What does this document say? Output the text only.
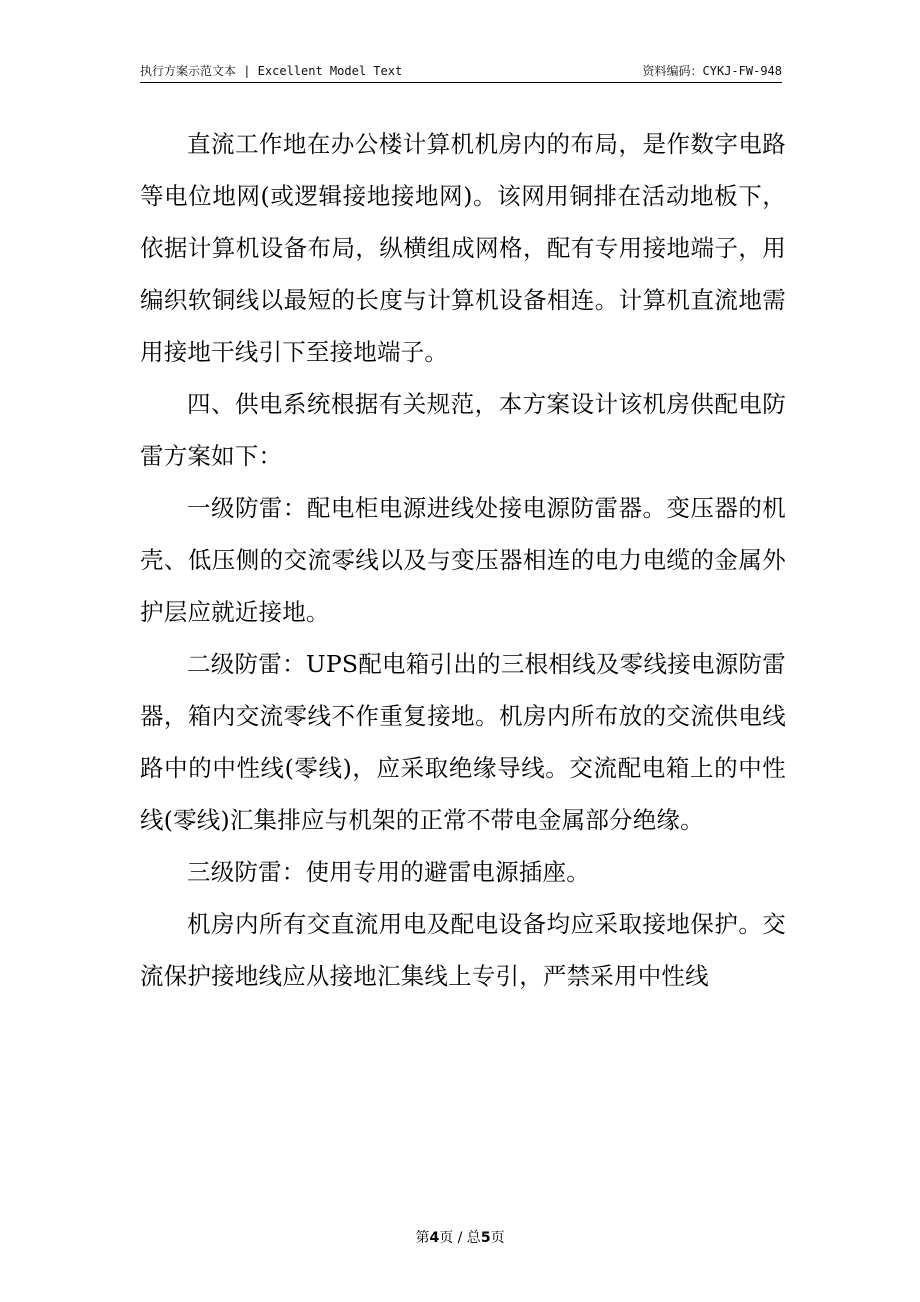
执行方案示范文本 | Excellent Model Text	资料编码：CYKJ-FW-948

直流工作地在办公楼计算机机房内的布局，是作数字电路等电位地网(或逻辑接地接地网)。该网用铜排在活动地板下，依据计算机设备布局，纵横组成网格，配有专用接地端子，用编织软铜线以最短的长度与计算机设备相连。计算机直流地需用接地干线引下至接地端子。

四、供电系统根据有关规范，本方案设计该机房供配电防雷方案如下：

一级防雷：配电柜电源进线处接电源防雷器。变压器的机壳、低压侧的交流零线以及与变压器相连的电力电缆的金属外护层应就近接地。

二级防雷：UPS配电箱引出的三根相线及零线接电源防雷器，箱内交流零线不作重复接地。机房内所布放的交流供电线路中的中性线(零线)，应采取绝缘导线。交流配电箱上的中性线(零线)汇集排应与机架的正常不带电金属部分绝缘。

三级防雷：使用专用的避雷电源插座。

机房内所有交直流用电及配电设备均应采取接地保护。交流保护接地线应从接地汇集线上专引，严禁采用中性线

第4页 / 总5页
